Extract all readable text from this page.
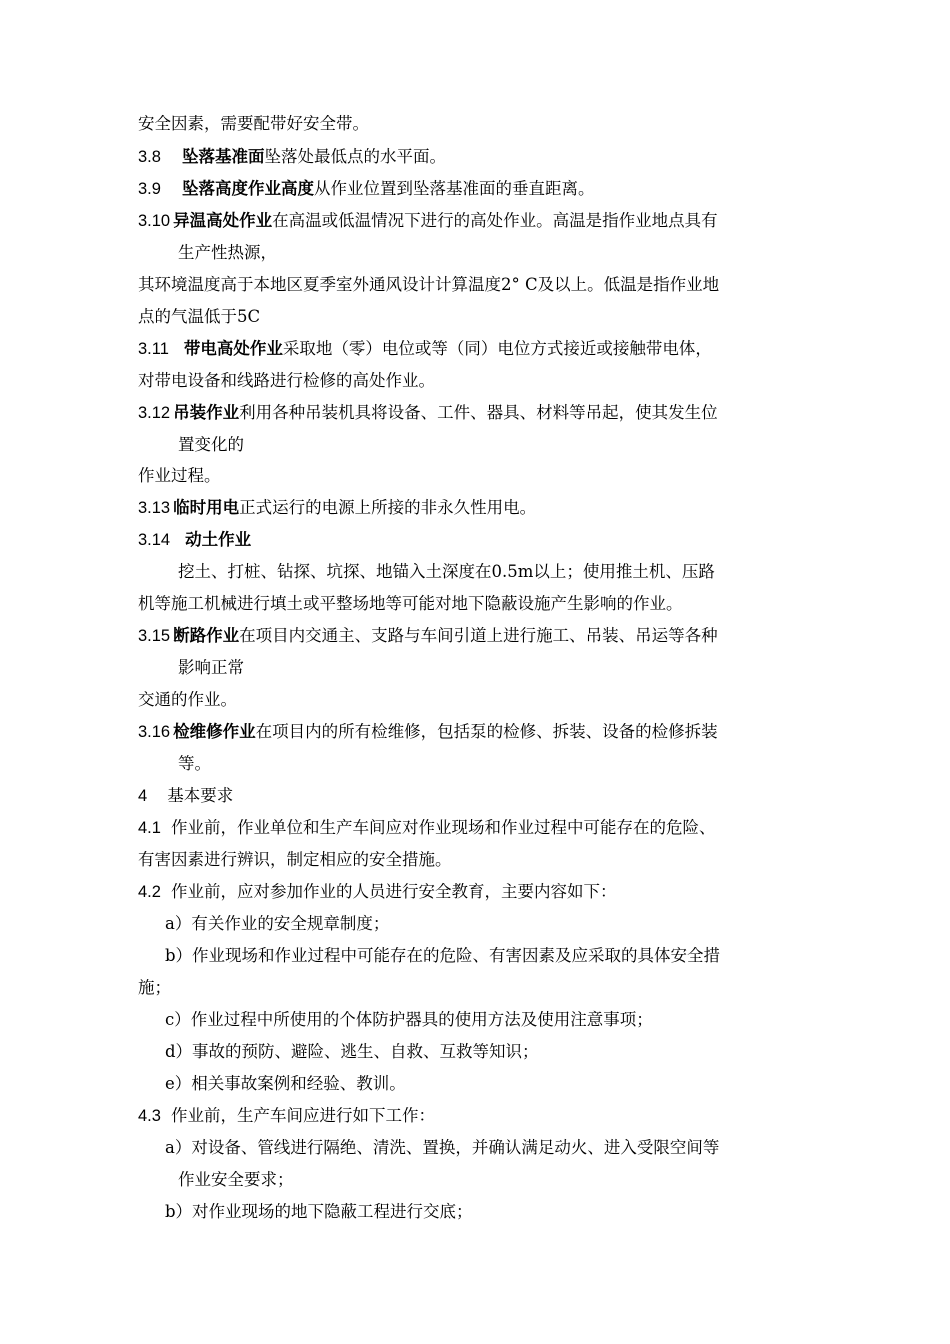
安全因素，需要配带好安全带。

3.8 坠落基准面坠落处最低点的水平面。

3.9 坠落高度作业高度从作业位置到坠落基准面的垂直距离。

3.10 异温高处作业在高温或低温情况下进行的高处作业。高温是指作业地点具有

生产性热源，

其环境温度高于本地区夏季室外通风设计计算温度2° C及以上。低温是指作业地

点的气温低于5C

3.11 带电高处作业采取地（零）电位或等（同）电位方式接近或接触带电体，

对带电设备和线路进行检修的高处作业。

3.12 吊装作业利用各种吊装机具将设备、工件、器具、材料等吊起，使其发生位

置变化的

作业过程。

3.13 临时用电正式运行的电源上所接的非永久性用电。

3.14 动土作业

挖土、打桩、钻探、坑探、地锚入土深度在0.5m以上；使用推土机、压路

机等施工机械进行填土或平整场地等可能对地下隐蔽设施产生影响的作业。

3.15 断路作业在项目内交通主、支路与车间引道上进行施工、吊装、吊运等各种

影响正常

交通的作业。

3.16 检维修作业在项目内的所有检维修，包括泵的检修、拆装、设备的检修拆装

等。

4 基本要求

4.1 作业前，作业单位和生产车间应对作业现场和作业过程中可能存在的危险、

有害因素进行辨识，制定相应的安全措施。

4.2 作业前，应对参加作业的人员进行安全教育，主要内容如下：

a）有关作业的安全规章制度；

b）作业现场和作业过程中可能存在的危险、有害因素及应采取的具体安全措

施；

c）作业过程中所使用的个体防护器具的使用方法及使用注意事项；

d）事故的预防、避险、逃生、自救、互救等知识；

e）相关事故案例和经验、教训。

4.3 作业前，生产车间应进行如下工作：

a）对设备、管线进行隔绝、清洗、置换，并确认满足动火、进入受限空间等

作业安全要求；

b）对作业现场的地下隐蔽工程进行交底；
